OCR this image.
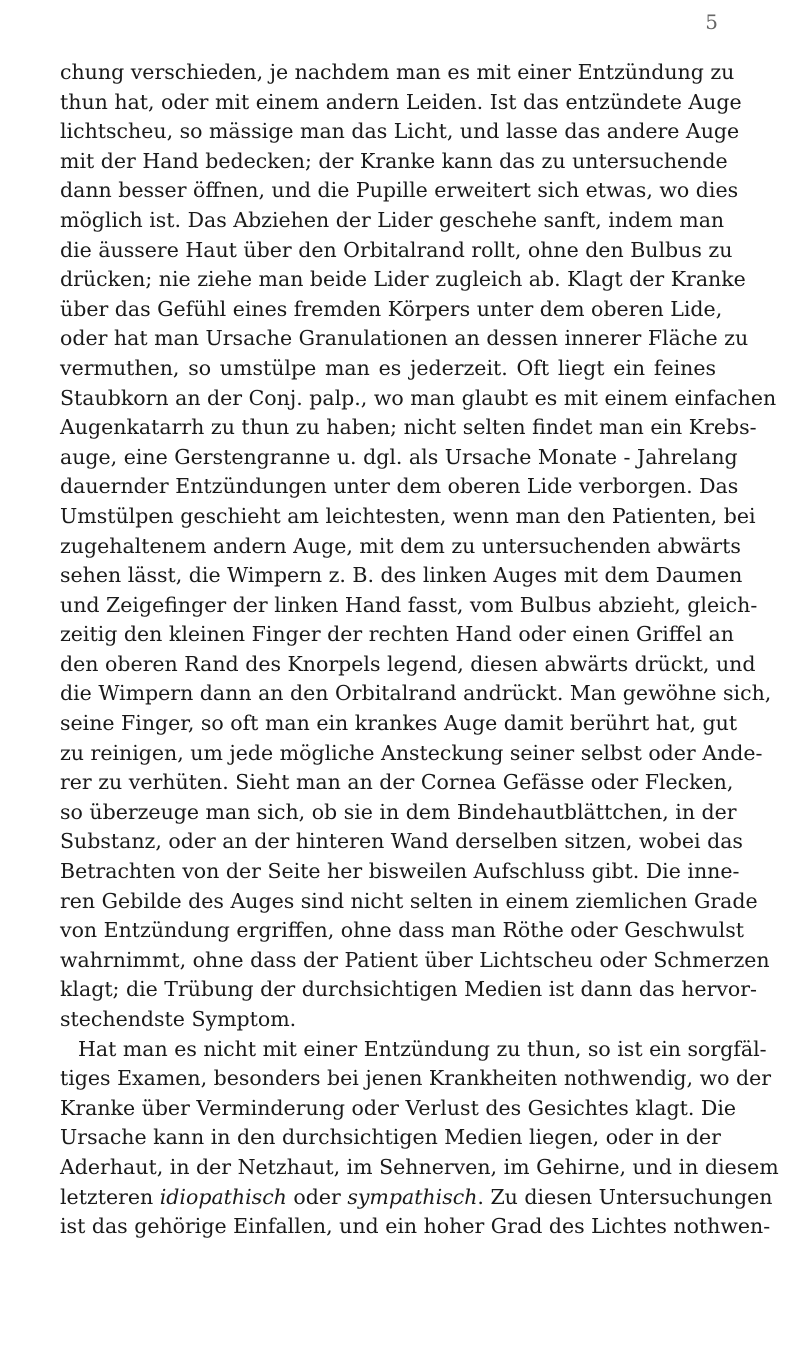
5
chung verschieden, je nachdem man es mit einer Entzündung zu
thun hat, oder mit einem andern Leiden. Ist das entzündete Auge
lichtscheu, so mässige man das Licht, und lasse das andere Auge
mit der Hand bedecken; der Kranke kann das zu untersuchende
dann besser öffnen, und die Pupille erweitert sich etwas, wo dies
möglich ist. Das Abziehen der Lider geschehe sanft, indem man
die äussere Haut über den Orbitalrand rollt, ohne den Bulbus zu
drücken; nie ziehe man beide Lider zugleich ab. Klagt der Kranke
über das Gefühl eines fremden Körpers unter dem oberen Lide,
oder hat man Ursache Granulationen an dessen innerer Fläche zu
vermuthen, so umstülpe man es jederzeit. Oft liegt ein feines
Staubkorn an der Conj. palp., wo man glaubt es mit einem einfachen
Augenkatarrh zu thun zu haben; nicht selten findet man ein Krebs-
auge, eine Gerstengranne u. dgl. als Ursache Monate - Jahrelang
dauernder Entzündungen unter dem oberen Lide verborgen. Das
Umstülpen geschieht am leichtesten, wenn man den Patienten, bei
zugehaltenem andern Auge, mit dem zu untersuchenden abwärts
sehen lässt, die Wimpern z. B. des linken Auges mit dem Daumen
und Zeigefinger der linken Hand fasst, vom Bulbus abzieht, gleich-
zeitig den kleinen Finger der rechten Hand oder einen Griffel an
den oberen Rand des Knorpels legend, diesen abwärts drückt, und
die Wimpern dann an den Orbitalrand andrückt. Man gewöhne sich,
seine Finger, so oft man ein krankes Auge damit berührt hat, gut
zu reinigen, um jede mögliche Ansteckung seiner selbst oder Ande-
rer zu verhüten. Sieht man an der Cornea Gefässe oder Flecken,
so überzeuge man sich, ob sie in dem Bindehautblättchen, in der
Substanz, oder an der hinteren Wand derselben sitzen, wobei das
Betrachten von der Seite her bisweilen Aufschluss gibt. Die inne-
ren Gebilde des Auges sind nicht selten in einem ziemlichen Grade
von Entzündung ergriffen, ohne dass man Röthe oder Geschwulst
wahrnimmt, ohne dass der Patient über Lichtscheu oder Schmerzen
klagt; die Trübung der durchsichtigen Medien ist dann das hervor-
stechendste Symptom.
Hat man es nicht mit einer Entzündung zu thun, so ist ein sorgfäl-
tiges Examen, besonders bei jenen Krankheiten nothwendig, wo der
Kranke über Verminderung oder Verlust des Gesichtes klagt. Die
Ursache kann in den durchsichtigen Medien liegen, oder in der
Aderhaut, in der Netzhaut, im Sehnerven, im Gehirne, und in diesem
letzteren idiopathisch oder sympathisch. Zu diesen Untersuchungen
ist das gehörige Einfallen, und ein hoher Grad des Lichtes nothwen-
